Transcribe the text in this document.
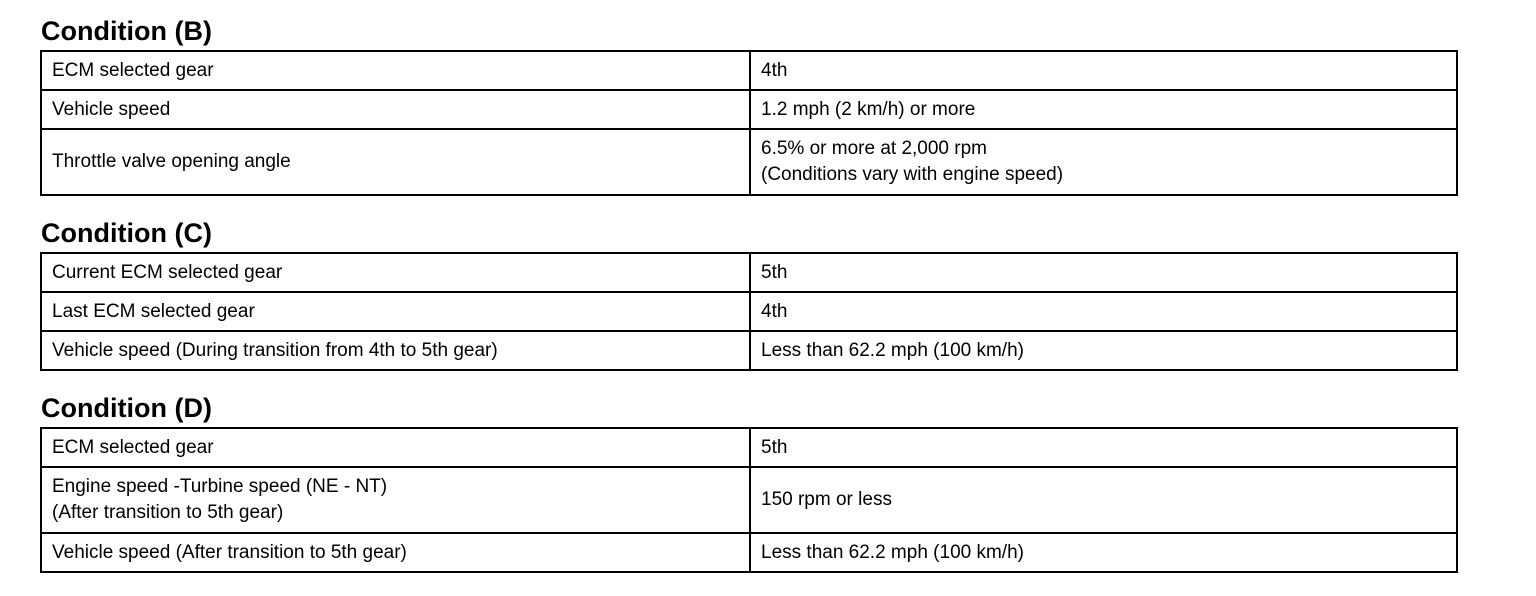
Condition (B)
ECM selected gear	4th

Vehicle speed	1.2 mph (2 km/h) or more

Throttle valve opening angle	6.5% or more at 2,000 rpm
(Conditions vary with engine speed)
Condition (C)
Current ECM selected gear	5th

Last ECM selected gear	4th

Vehicle speed (During transition from 4th to 5th gear)	Less than 62.2 mph (100 km/h)
Condition (D)
ECM selected gear	5th

Engine speed -Turbine speed (NE - NT)
(After transition to 5th gear)	150 rpm or less

Vehicle speed (After transition to 5th gear)	Less than 62.2 mph (100 km/h)
